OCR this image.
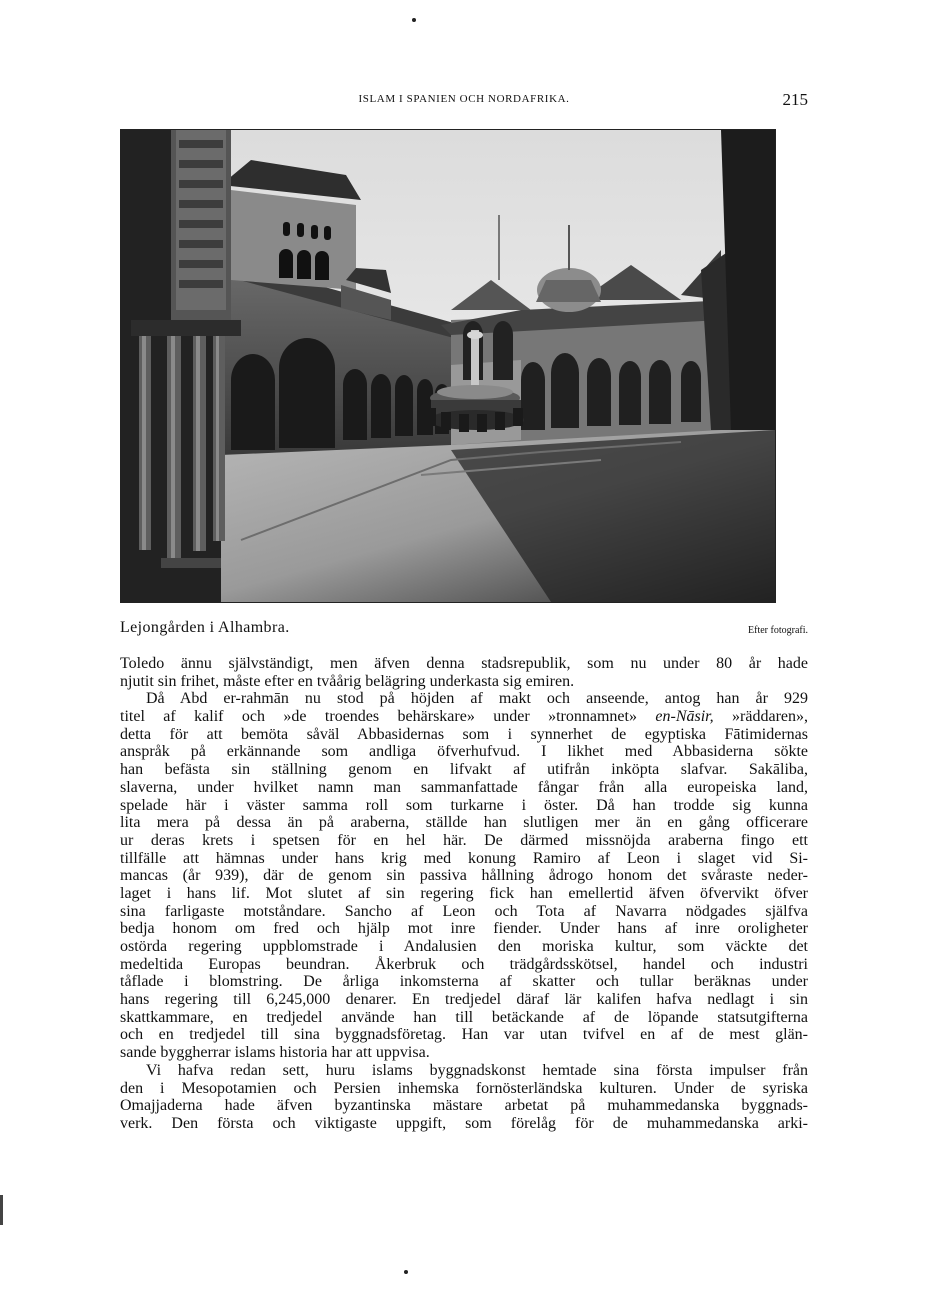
ISLAM I SPANIEN OCH NORDAFRIKA.	215
Lejongården i Alhambra.	Efter fotografi.
Toledo ännu självständigt, men äfven denna stadsrepublik, som nu under 80 år hade
njutit sin frihet, måste efter en tvåårig belägring underkasta sig emiren.
Då Abd er-rahmān nu stod på höjden af makt och anseende, antog han år 929
titel af kalif och »de troendes behärskare» under »tronnamnet» en-Nāsir, »räddaren»,
detta för att bemöta såväl Abbasidernas som i synnerhet de egyptiska Fātimidernas
anspråk på erkännande som andliga öfverhufvud. I likhet med Abbasiderna sökte
han befästa sin ställning genom en lifvakt af utifrån inköpta slafvar. Sakāliba,
slaverna, under hvilket namn man sammanfattade fångar från alla europeiska land,
spelade här i väster samma roll som turkarne i öster. Då han trodde sig kunna
lita mera på dessa än på araberna, ställde han slutligen mer än en gång officerare
ur deras krets i spetsen för en hel här. De därmed missnöjda araberna fingo ett
tillfälle att hämnas under hans krig med konung Ramiro af Leon i slaget vid Si-
mancas (år 939), där de genom sin passiva hållning ådrogo honom det svåraste neder-
laget i hans lif. Mot slutet af sin regering fick han emellertid äfven öfvervikt öfver
sina farligaste motståndare. Sancho af Leon och Tota af Navarra nödgades själfva
bedja honom om fred och hjälp mot inre fiender. Under hans af inre oroligheter
ostörda regering uppblomstrade i Andalusien den moriska kultur, som väckte det
medeltida Europas beundran. Åkerbruk och trädgårdsskötsel, handel och industri
tåflade i blomstring. De årliga inkomsterna af skatter och tullar beräknas under
hans regering till 6,245,000 denarer. En tredjedel däraf lär kalifen hafva nedlagt i sin
skattkammare, en tredjedel använde han till betäckande af de löpande statsutgifterna
och en tredjedel till sina byggnadsföretag. Han var utan tvifvel en af de mest glän-
sande byggherrar islams historia har att uppvisa.
Vi hafva redan sett, huru islams byggnadskonst hemtade sina första impulser från
den i Mesopotamien och Persien inhemska fornösterländska kulturen. Under de syriska
Omajjaderna hade äfven byzantinska mästare arbetat på muhammedanska byggnads-
verk. Den första och viktigaste uppgift, som förelåg för de muhammedanska arki-
